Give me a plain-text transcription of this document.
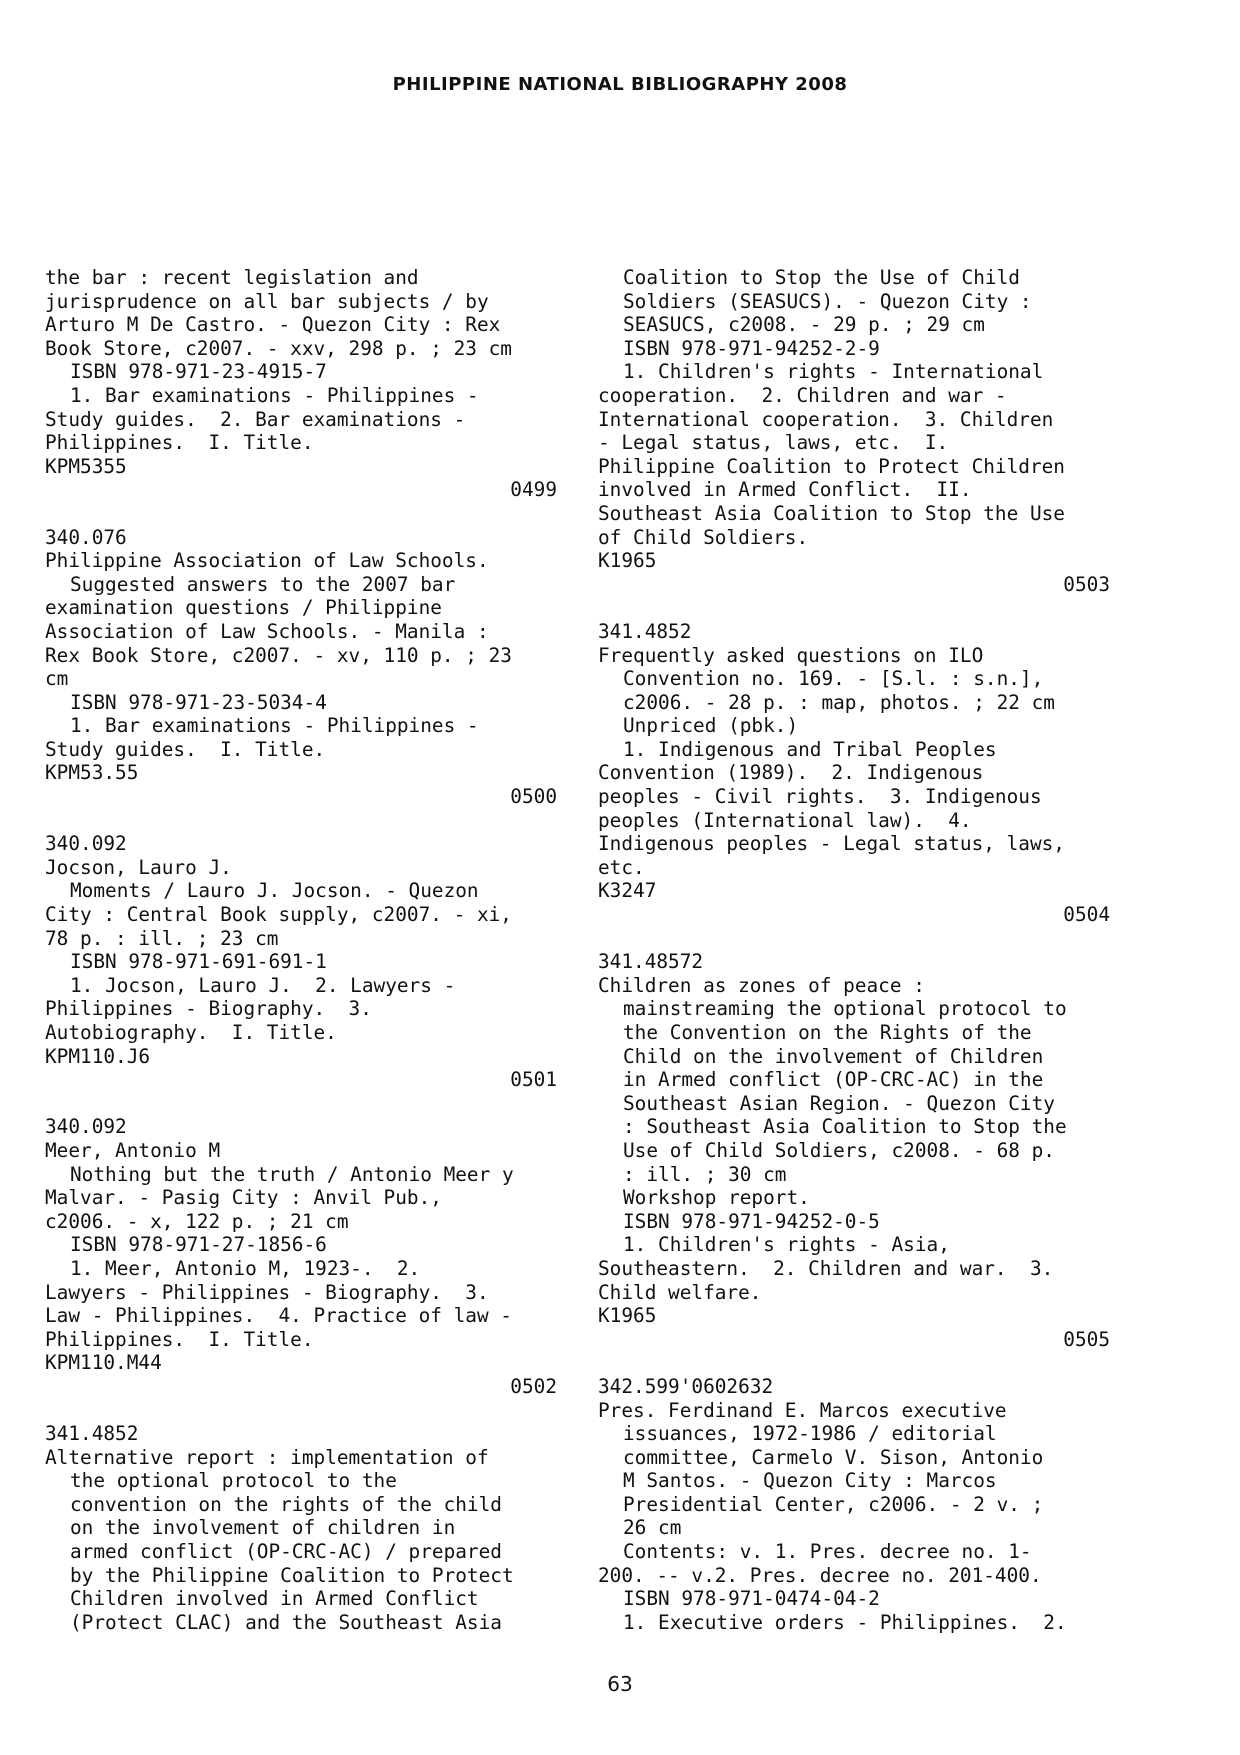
PHILIPPINE NATIONAL BIBLIOGRAPHY 2008
the bar : recent legislation and
jurisprudence on all bar subjects / by
Arturo M De Castro. - Quezon City : Rex
Book Store, c2007. - xxv, 298 p. ; 23 cm
ISBN 978-971-23-4915-7
1. Bar examinations - Philippines -
Study guides.  2. Bar examinations -
Philippines.  I. Title.
KPM5355
0499
340.076
Philippine Association of Law Schools.
Suggested answers to the 2007 bar
examination questions / Philippine
Association of Law Schools. - Manila :
Rex Book Store, c2007. - xv, 110 p. ; 23
cm
ISBN 978-971-23-5034-4
1. Bar examinations - Philippines -
Study guides.  I. Title.
KPM53.55
0500
340.092
Jocson, Lauro J.
Moments / Lauro J. Jocson. - Quezon
City : Central Book supply, c2007. - xi,
78 p. : ill. ; 23 cm
ISBN 978-971-691-691-1
1. Jocson, Lauro J.  2. Lawyers -
Philippines - Biography.  3.
Autobiography.  I. Title.
KPM110.J6
0501
340.092
Meer, Antonio M
Nothing but the truth / Antonio Meer y
Malvar. - Pasig City : Anvil Pub.,
c2006. - x, 122 p. ; 21 cm
ISBN 978-971-27-1856-6
1. Meer, Antonio M, 1923-.  2.
Lawyers - Philippines - Biography.  3.
Law - Philippines.  4. Practice of law -
Philippines.  I. Title.
KPM110.M44
0502
341.4852
Alternative report : implementation of
the optional protocol to the
convention on the rights of the child
on the involvement of children in
armed conflict (OP-CRC-AC) / prepared
by the Philippine Coalition to Protect
Children involved in Armed Conflict
(Protect CLAC) and the Southeast Asia
Coalition to Stop the Use of Child
Soldiers (SEASUCS). - Quezon City :
SEASUCS, c2008. - 29 p. ; 29 cm
ISBN 978-971-94252-2-9
1. Children's rights - International
cooperation.  2. Children and war -
International cooperation.  3. Children
- Legal status, laws, etc.  I.
Philippine Coalition to Protect Children
involved in Armed Conflict.  II.
Southeast Asia Coalition to Stop the Use
of Child Soldiers.
K1965
0503
341.4852
Frequently asked questions on ILO
Convention no. 169. - [S.l. : s.n.],
c2006. - 28 p. : map, photos. ; 22 cm
Unpriced (pbk.)
1. Indigenous and Tribal Peoples
Convention (1989).  2. Indigenous
peoples - Civil rights.  3. Indigenous
peoples (International law).  4.
Indigenous peoples - Legal status, laws,
etc.
K3247
0504
341.48572
Children as zones of peace :
mainstreaming the optional protocol to
the Convention on the Rights of the
Child on the involvement of Children
in Armed conflict (OP-CRC-AC) in the
Southeast Asian Region. - Quezon City
: Southeast Asia Coalition to Stop the
Use of Child Soldiers, c2008. - 68 p.
: ill. ; 30 cm
Workshop report.
ISBN 978-971-94252-0-5
1. Children's rights - Asia,
Southeastern.  2. Children and war.  3.
Child welfare.
K1965
0505
342.599'0602632
Pres. Ferdinand E. Marcos executive
issuances, 1972-1986 / editorial
committee, Carmelo V. Sison, Antonio
M Santos. - Quezon City : Marcos
Presidential Center, c2006. - 2 v. ;
26 cm
Contents: v. 1. Pres. decree no. 1-
200. -- v.2. Pres. decree no. 201-400.
ISBN 978-971-0474-04-2
1. Executive orders - Philippines.  2.
63
